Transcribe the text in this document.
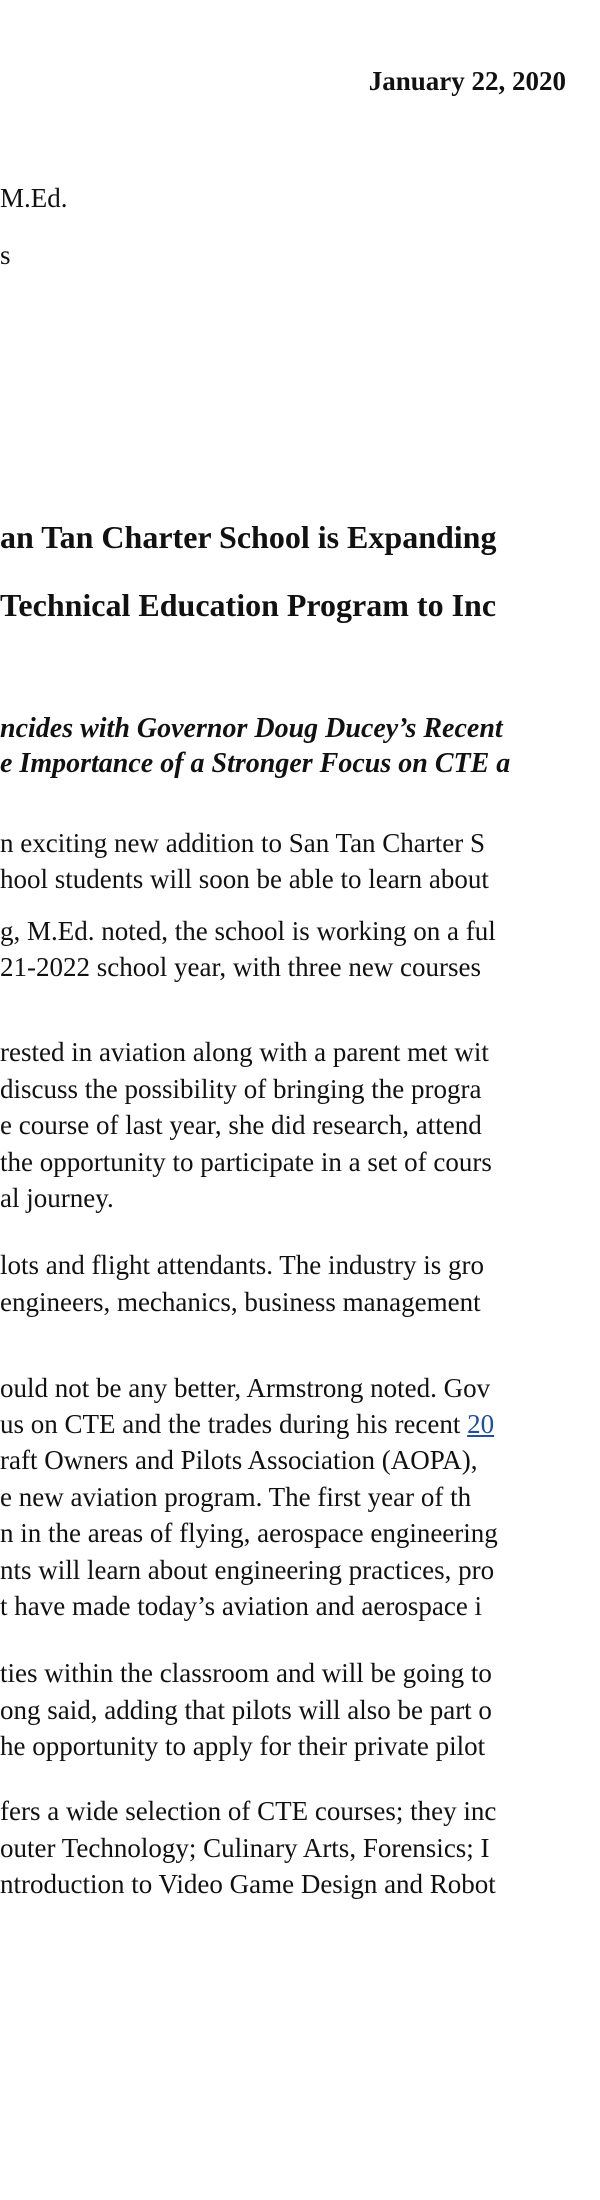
January 22, 2020
M.Ed.
s
an Tan Charter School is Expanding
Technical Education Program to Inc
ncides with Governor Doug Ducey’s Recent
e Importance of a Stronger Focus on CTE a
n exciting new addition to San Tan Charter S
hool students will soon be able to learn about
g, M.Ed. noted, the school is working on a ful
21-2022 school year, with three new courses
rested in aviation along with a parent met wit
discuss the possibility of bringing the progra
e course of last year, she did research, attend
the opportunity to participate in a set of cours
al journey.
lots and flight attendants. The industry is gro
engineers, mechanics, business management
ould not be any better, Armstrong noted. Gov
us on CTE and the trades during his recent 20
raft Owners and Pilots Association (AOPA),
e new aviation program. The first year of th
n in the areas of flying, aerospace engineering
nts will learn about engineering practices, pro
t have made today’s aviation and aerospace i
ties within the classroom and will be going to
ong said, adding that pilots will also be part o
he opportunity to apply for their private pilot
fers a wide selection of CTE courses; they inc
outer Technology; Culinary Arts, Forensics; I
ntroduction to Video Game Design and Robot
